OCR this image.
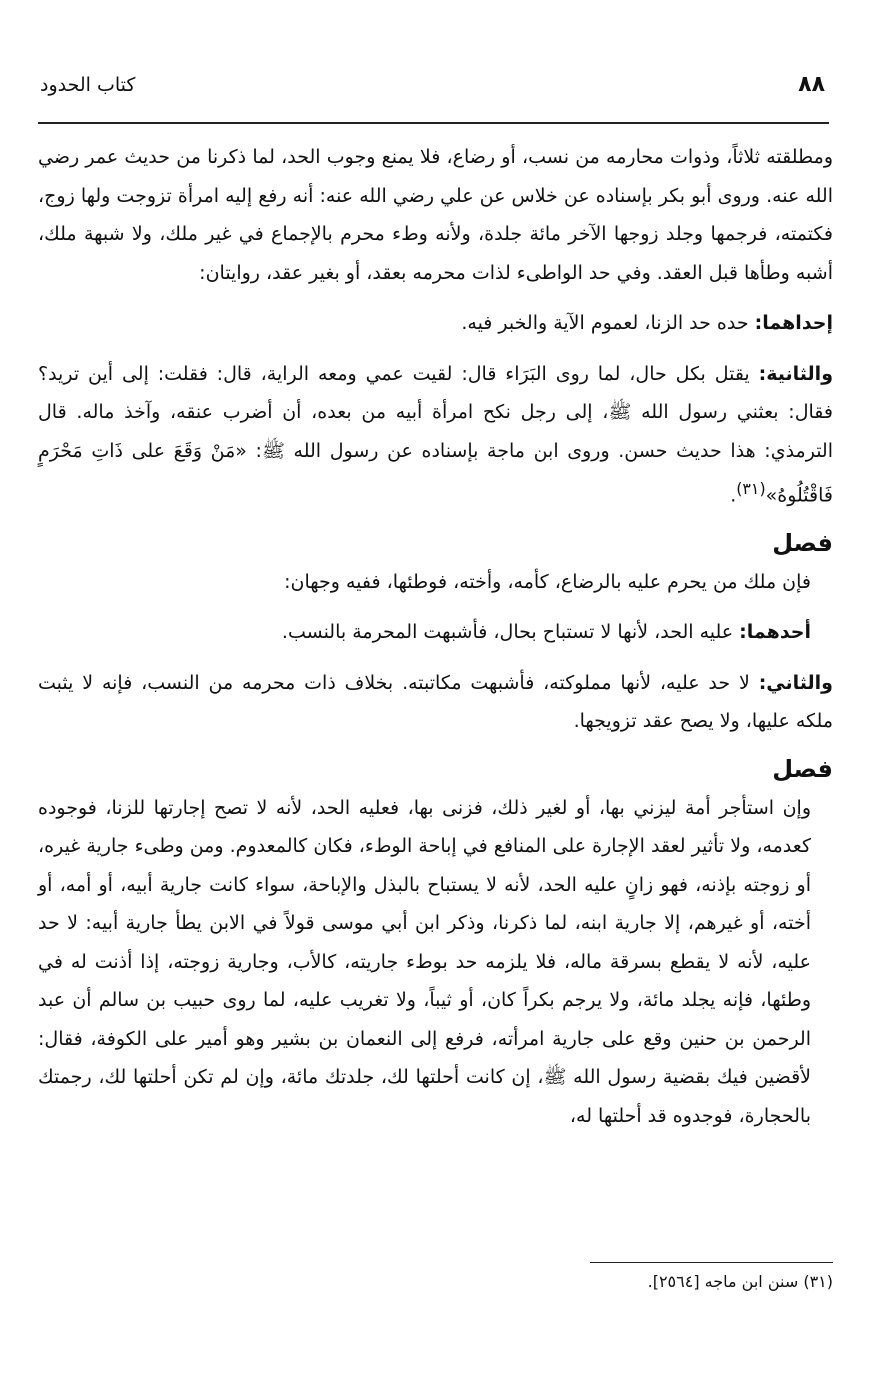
٨٨
كتاب الحدود

ومطلقته ثلاثاً، وذوات محارمه من نسب، أو رضاع، فلا يمنع وجوب الحد، لما ذكرنا من حديث عمر رضي الله عنه. وروى أبو بكر بإسناده عن خلاس عن علي رضي الله عنه: أنه رفع إليه امرأة تزوجت ولها زوج، فكتمته، فرجمها وجلد زوجها الآخر مائة جلدة، ولأنه وطء محرم بالإجماع في غير ملك، ولا شبهة ملك، أشبه وطأها قبل العقد. وفي حد الواطىء لذات محرمه بعقد، أو بغير عقد، روايتان:

إحداهما: حده حد الزنا، لعموم الآية والخبر فيه.

والثانية: يقتل بكل حال، لما روى البَرَاء قال: لقيت عمي ومعه الراية، قال: فقلت: إلى أين تريد؟ فقال: بعثني رسول الله ﷺ، إلى رجل نكح امرأة أبيه من بعده، أن أضرب عنقه، وآخذ ماله. قال الترمذي: هذا حديث حسن. وروى ابن ماجة بإسناده عن رسول الله ﷺ: «مَنْ وَقَعَ على ذَاتِ مَحْرَمٍ فَاقْتُلُوهُ»$^{(٣١)}$.

فصل

فإن ملك من يحرم عليه بالرضاع، كأمه، وأخته، فوطئها، ففيه وجهان:

أحدهما: عليه الحد، لأنها لا تستباح بحال، فأشبهت المحرمة بالنسب.

والثاني: لا حد عليه، لأنها مملوكته، فأشبهت مكاتبته. بخلاف ذات محرمه من النسب، فإنه لا يثبت ملكه عليها، ولا يصح عقد تزويجها.

فصل

وإن استأجر أمة ليزني بها، أو لغير ذلك، فزنى بها، فعليه الحد، لأنه لا تصح إجارتها للزنا، فوجوده كعدمه، ولا تأثير لعقد الإجارة على المنافع في إباحة الوطء، فكان كالمعدوم. ومن وطىء جارية غيره، أو زوجته بإذنه، فهو زانٍ عليه الحد، لأنه لا يستباح بالبذل والإباحة، سواء كانت جارية أبيه، أو أمه، أو أخته، أو غيرهم، إلا جارية ابنه، لما ذكرنا، وذكر ابن أبي موسى قولاً في الابن يطأ جارية أبيه: لا حد عليه، لأنه لا يقطع بسرقة ماله، فلا يلزمه حد بوطء جاريته، كالأب، وجارية زوجته، إذا أذنت له في وطئها، فإنه يجلد مائة، ولا يرجم بكراً كان، أو ثيباً، ولا تغريب عليه، لما روى حبيب بن سالم أن عبد الرحمن بن حنين وقع على جارية امرأته، فرفع إلى النعمان بن بشير وهو أمير على الكوفة، فقال: لأقضين فيك بقضية رسول الله ﷺ، إن كانت أحلتها لك، جلدتك مائة، وإن لم تكن أحلتها لك، رجمتك بالحجارة، فوجدوه قد أحلتها له،

(٣١) سنن ابن ماجه [٢٥٦٤].
